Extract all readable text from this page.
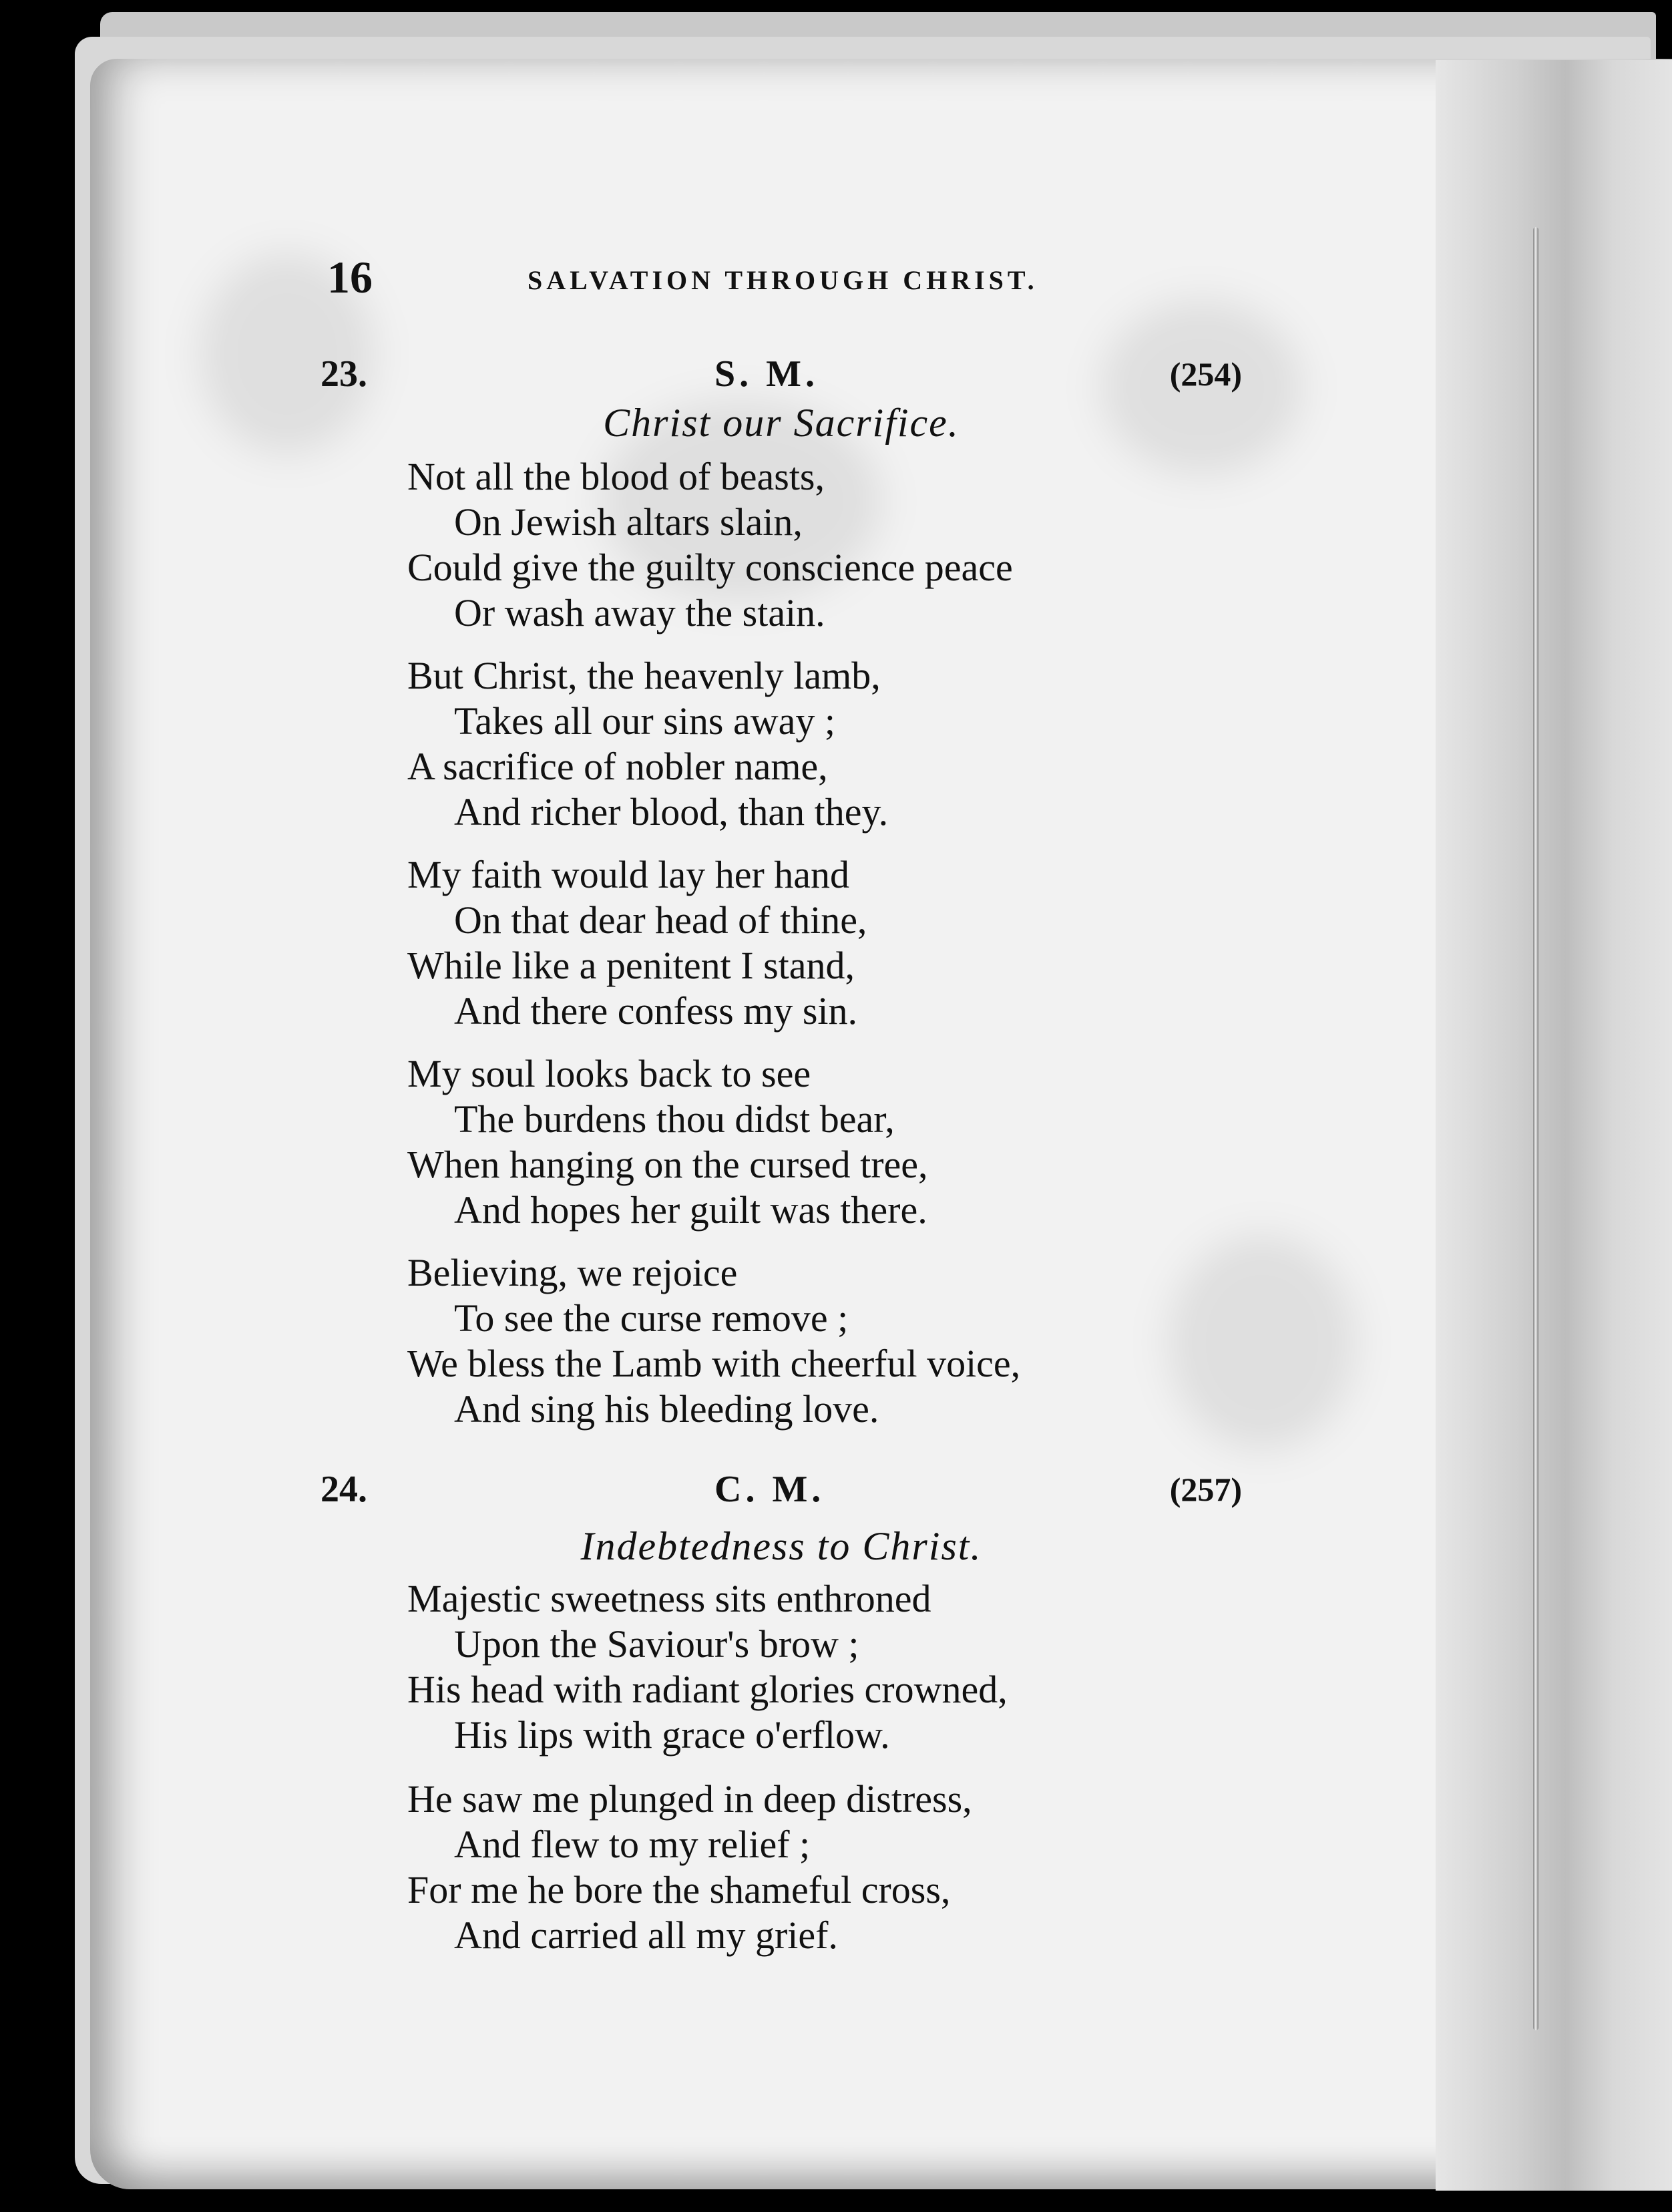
16	SALVATION THROUGH CHRIST.
23.	S. M.	(254)
Christ our Sacrifice.
Not all the blood of beasts,
On Jewish altars slain,
Could give the guilty conscience peace
Or wash away the stain.
But Christ, the heavenly lamb,
Takes all our sins away ;
A sacrifice of nobler name,
And richer blood, than they.
My faith would lay her hand
On that dear head of thine,
While like a penitent I stand,
And there confess my sin.
My soul looks back to see
The burdens thou didst bear,
When hanging on the cursed tree,
And hopes her guilt was there.
Believing, we rejoice
To see the curse remove ;
We bless the Lamb with cheerful voice,
And sing his bleeding love.
24.	C. M.	(257)
Indebtedness to Christ.
Majestic sweetness sits enthroned
Upon the Saviour's brow ;
His head with radiant glories crowned,
His lips with grace o'erflow.
He saw me plunged in deep distress,
And flew to my relief ;
For me he bore the shameful cross,
And carried all my grief.
